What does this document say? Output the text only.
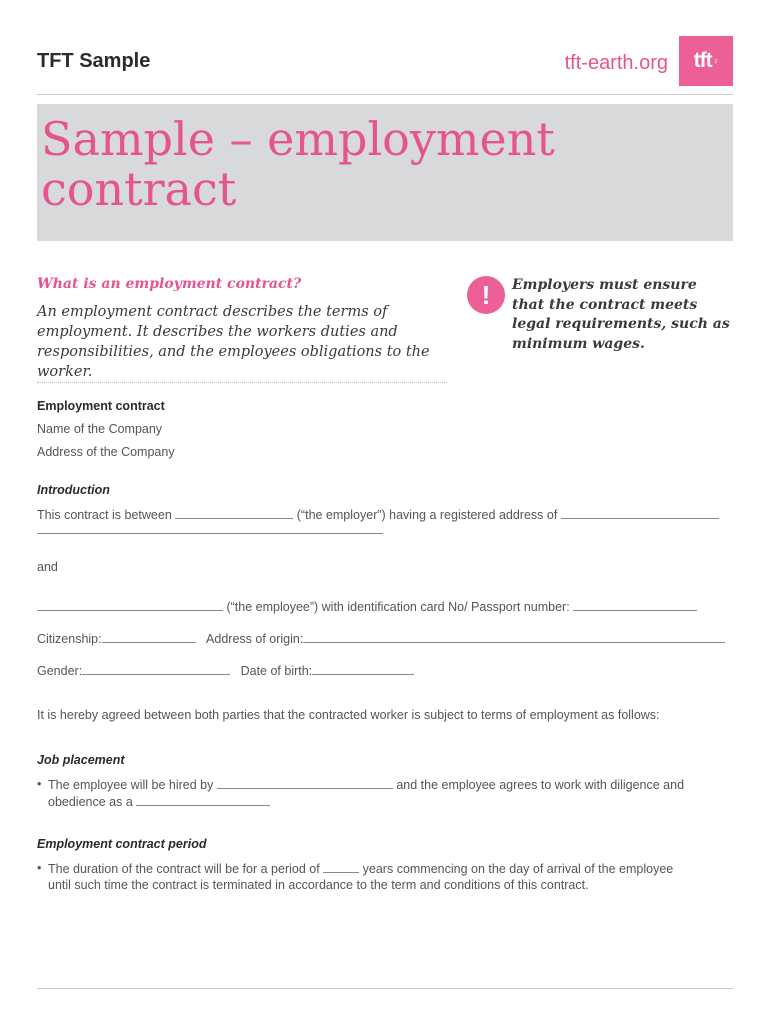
TFT Sample	tft-earth.org tft ♀
Sample – employment contract
What is an employment contract?
An employment contract describes the terms of employment. It describes the workers duties and responsibilities, and the employees obligations to the worker.
! Employers must ensure that the contract meets legal requirements, such as minimum wages.
Employment contract
Name of the Company
Address of the Company
Introduction
This contract is between	(“the employer”) having a registered address of
and
(“the employee”) with identification card No/ Passport number:
Citizenship:	Address of origin:
Gender:	Date of birth:
It is hereby agreed between both parties that the contracted worker is subject to terms of employment as follows:
Job placement
• The employee will be hired by	and the employee agrees to work with diligence and
obedience as a
Employment contract period
• The duration of the contract will be for a period of	years commencing on the day of arrival of the employee
until such time the contract is terminated in accordance to the term and conditions of this contract.
